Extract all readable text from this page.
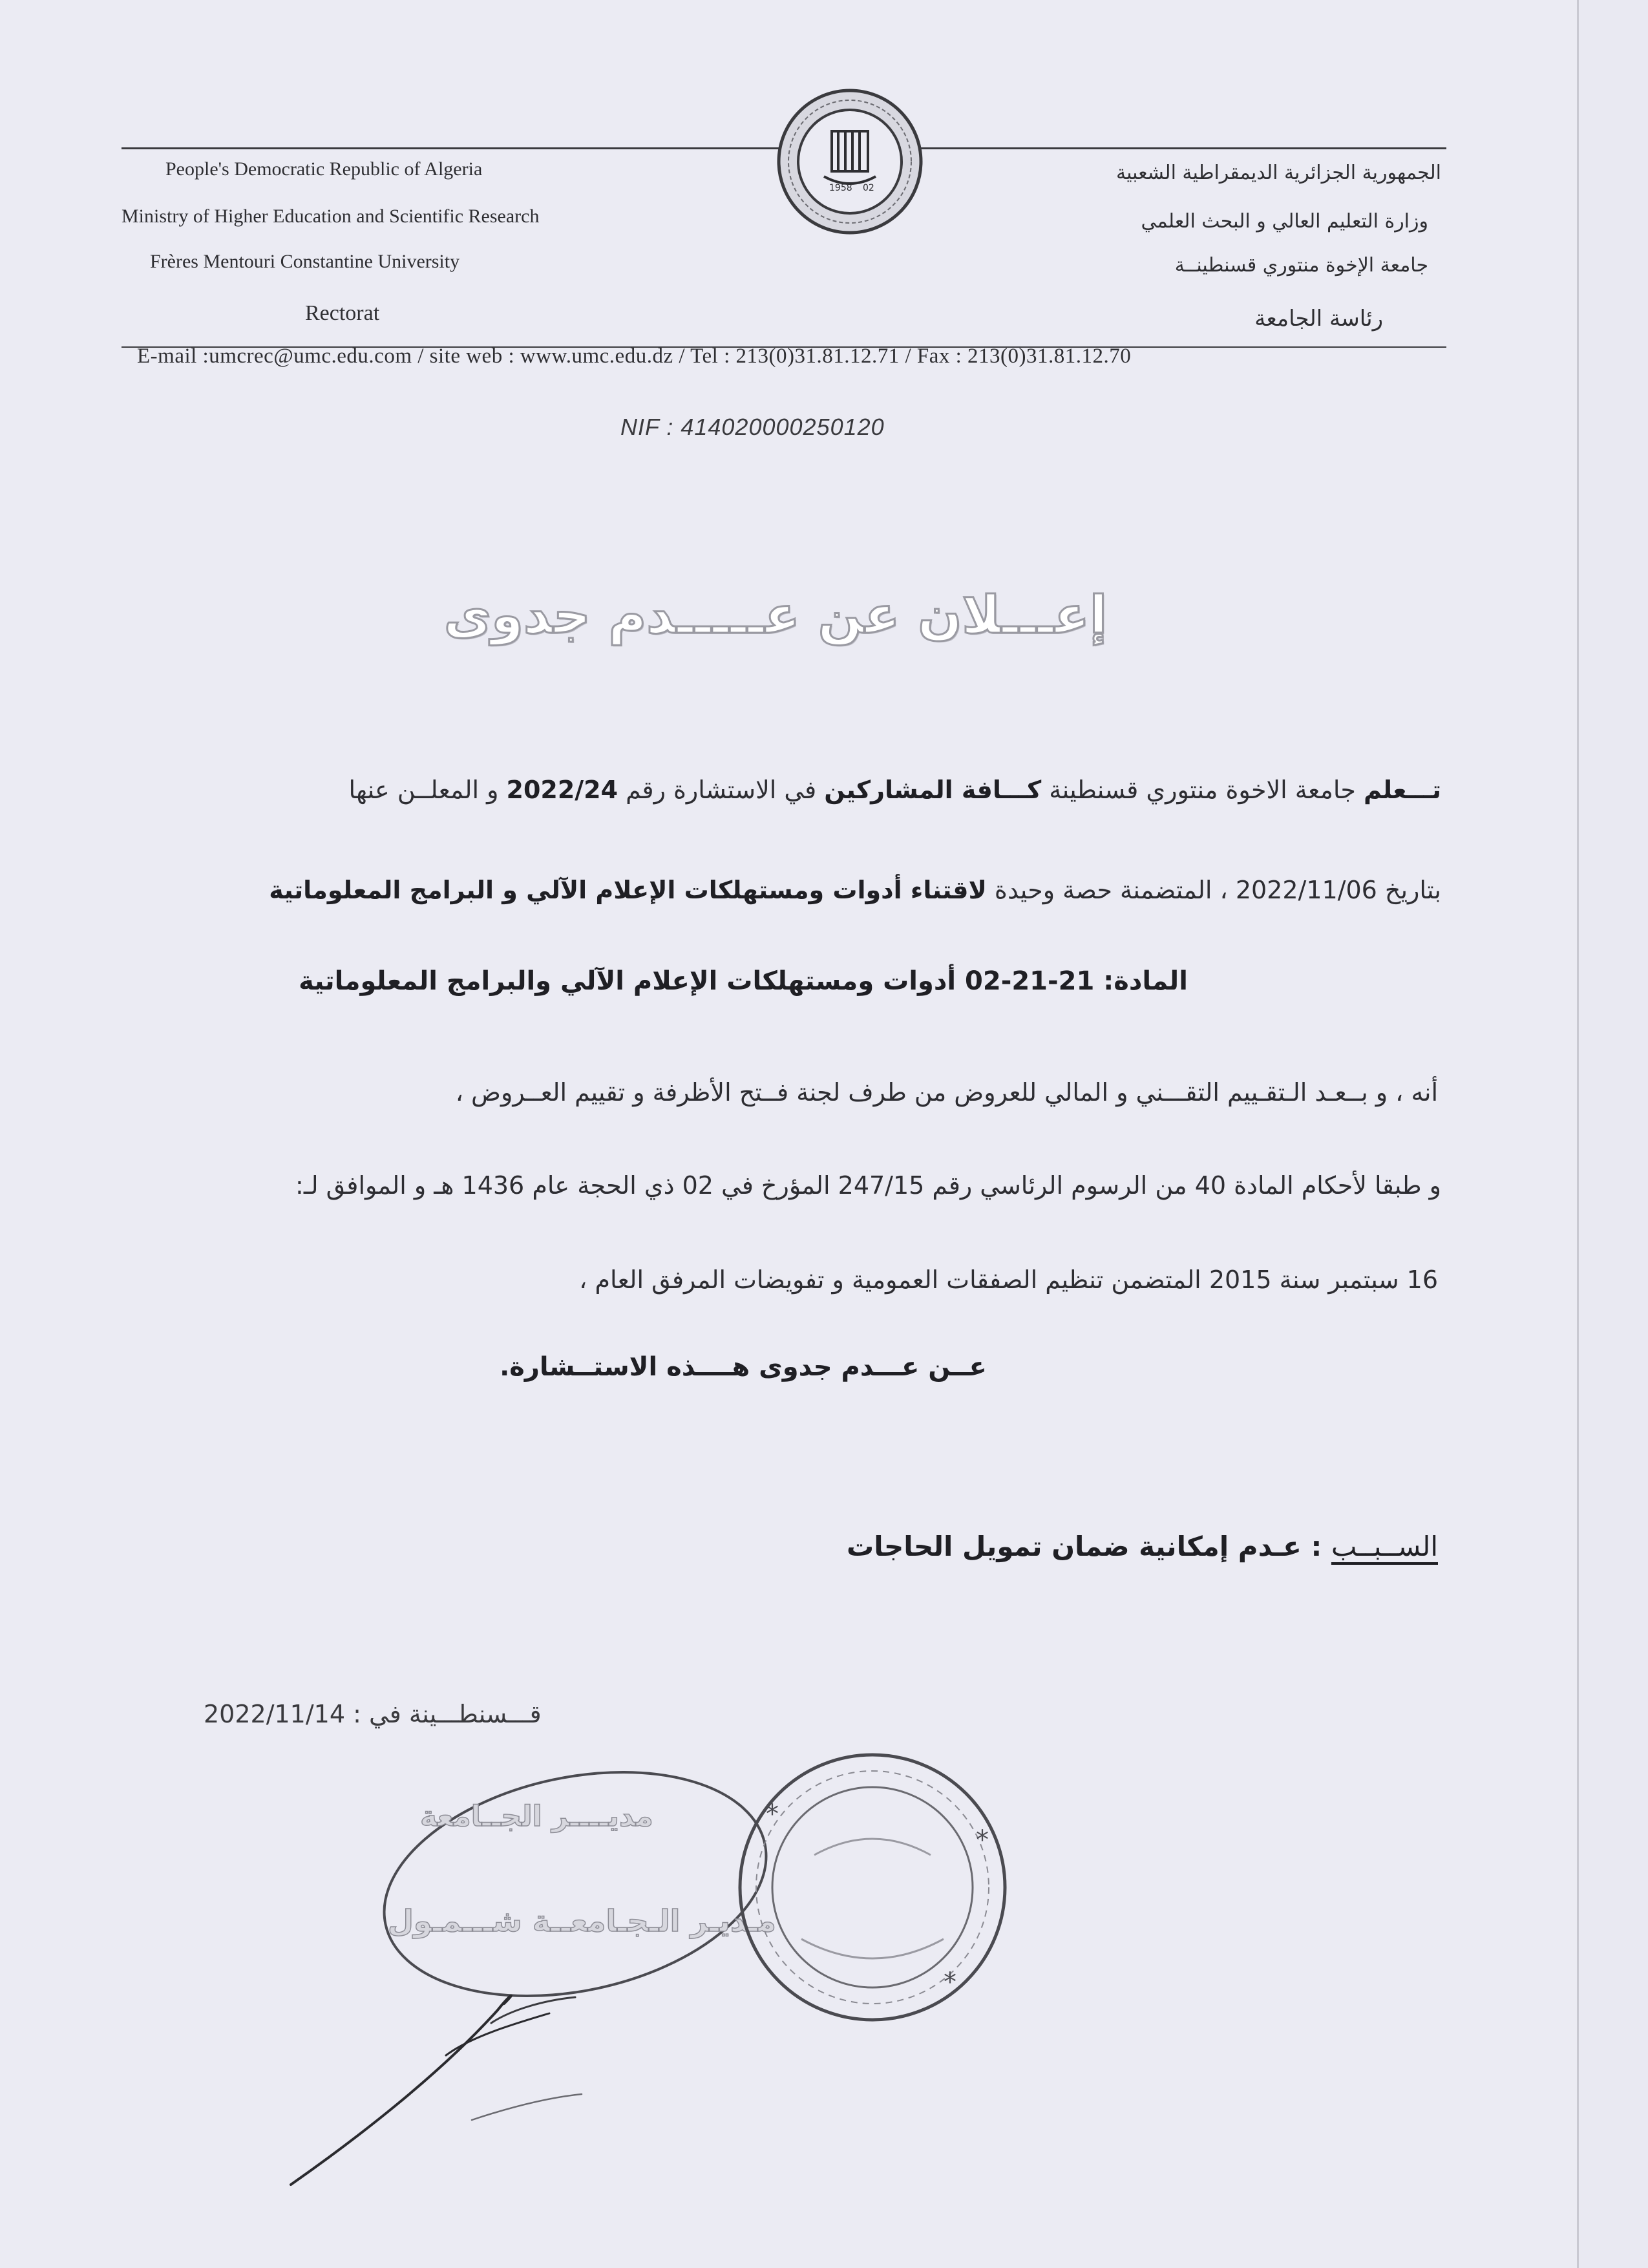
People's Democratic Republic of Algeria
Ministry of Higher Education and Scientific Research
Frères Mentouri Constantine University
Rectorat
الجمهورية الجزائرية الديمقراطية الشعبية
وزارة التعليم العالي و البحث العلمي
جامعة الإخوة منتوري قسنطينــة
رئاسة الجامعة
1958 02
E-mail :umcrec@umc.edu.com / site web : www.umc.edu.dz / Tel : 213(0)31.81.12.71 / Fax : 213(0)31.81.12.70
NIF : 414020000250120
إعـــلان عن عـــــدم جدوى
تـــعلم جامعة الاخوة منتوري قسنطينة كـــافة المشاركين في الاستشارة رقم 2022/24 و المعلــن عنها
بتاريخ 2022/11/06 ، المتضمنة حصة وحيدة لاقتناء أدوات ومستهلكات الإعلام الآلي و البرامج المعلوماتية
المادة: 21-21-02 أدوات ومستهلكات الإعلام الآلي والبرامج المعلوماتية
أنه ، و بــعـد الـتقـييم التقـــني و المالي للعروض من طرف لجنة فــتح الأظرفة و تقييم العــروض ،
و طبقا لأحكام المادة 40 من الرسوم الرئاسي رقم 247/15 المؤرخ في 02 ذي الحجة عام 1436 هـ و الموافق لـ:
16 سبتمبر سنة 2015 المتضمن تنظيم الصفقات العمومية و تفويضات المرفق العام ،
عــن عـــدم جدوى هــــذه الاستــشارة.
الســبــب : عـدم إمكانية ضمان تمويل الحاجات
قـــسنطـــينة في : 2022/11/14
مديــــر الجــامعة
مـديـر الـجـامعــة شـــمـول
*
*
*
